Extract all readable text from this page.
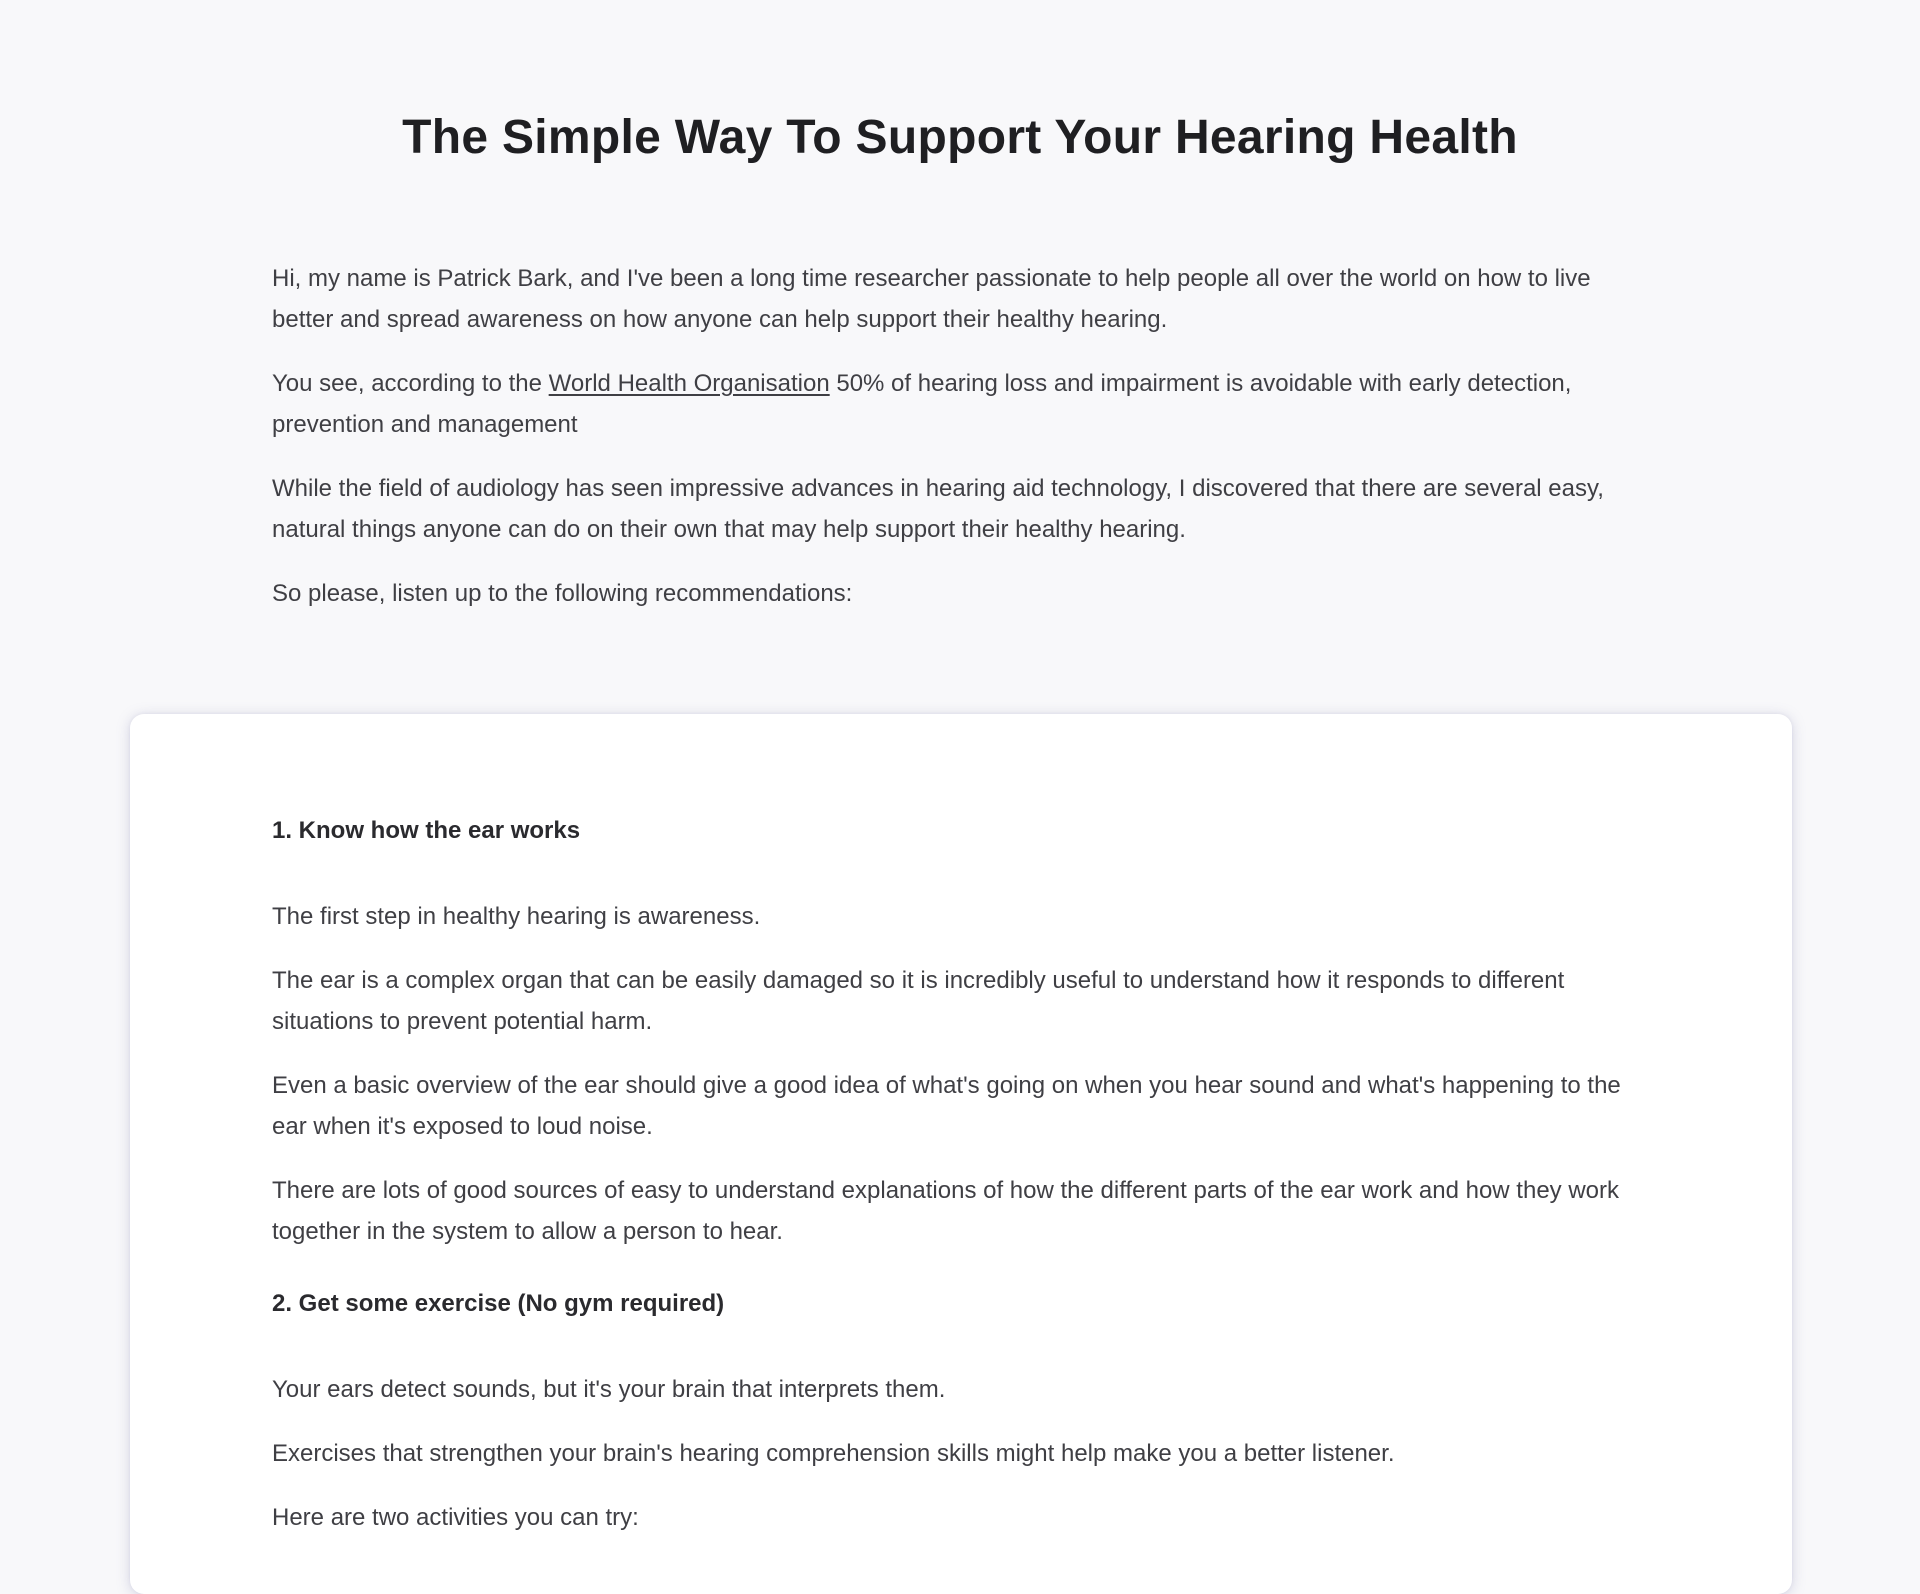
The Simple Way To Support Your Hearing Health

Hi, my name is Patrick Bark, and I've been a long time researcher passionate to help people all over the world on how to live better and spread awareness on how anyone can help support their healthy hearing.

You see, according to the World Health Organisation 50% of hearing loss and impairment is avoidable with early detection, prevention and management

While the field of audiology has seen impressive advances in hearing aid technology, I discovered that there are several easy, natural things anyone can do on their own that may help support their healthy hearing.

So please, listen up to the following recommendations:

1. Know how the ear works

The first step in healthy hearing is awareness.

The ear is a complex organ that can be easily damaged so it is incredibly useful to understand how it responds to different situations to prevent potential harm.

Even a basic overview of the ear should give a good idea of what's going on when you hear sound and what's happening to the ear when it's exposed to loud noise.

There are lots of good sources of easy to understand explanations of how the different parts of the ear work and how they work together in the system to allow a person to hear.

2. Get some exercise (No gym required)

Your ears detect sounds, but it's your brain that interprets them.

Exercises that strengthen your brain's hearing comprehension skills might help make you a better listener.

Here are two activities you can try:
